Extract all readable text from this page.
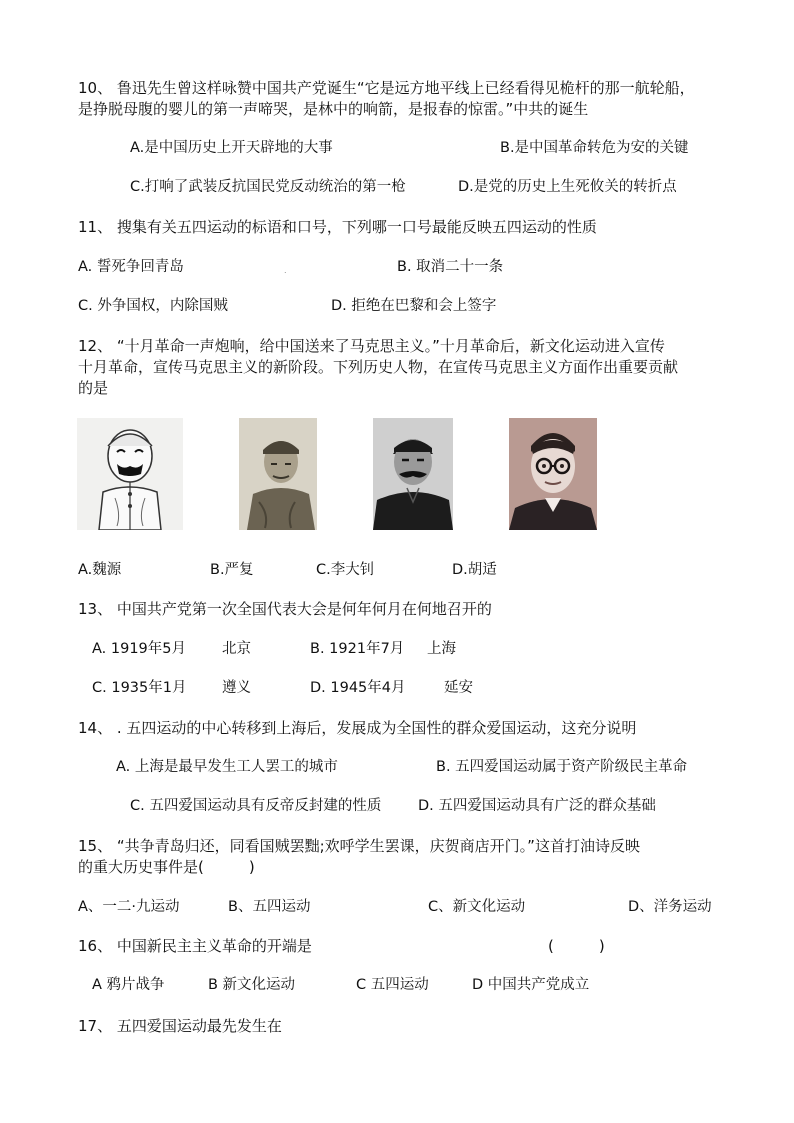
10、 鲁迅先生曾这样咏赞中国共产党诞生“它是远方地平线上已经看得见桅杆的那一航轮船，
是挣脱母腹的婴儿的第一声啼哭，是林中的响箭，是报春的惊雷。”中共的诞生
A.是中国历史上开天辟地的大事	B.是中国革命转危为安的关键
C.打响了武装反抗国民党反动统治的第一枪	D.是党的历史上生死攸关的转折点
11、 搜集有关五四运动的标语和口号，下列哪一口号最能反映五四运动的性质
A. 誓死争回青岛	.	B. 取消二十一条
C. 外争国权，内除国贼	D. 拒绝在巴黎和会上签字
12、 “十月革命一声炮响，给中国送来了马克思主义。”十月革命后，新文化运动进入宣传
十月革命，宣传马克思主义的新阶段。下列历史人物，在宣传马克思主义方面作出重要贡献
的是
A.魏源	B.严复	C.李大钊	D.胡适
13、 中国共产党第一次全国代表大会是何年何月在何地召开的
A. 1919年5月 北京	B. 1921年7月 上海
C. 1935年1月 遵义	D. 1945年4月	延安
14、 . 五四运动的中心转移到上海后，发展成为全国性的群众爱国运动，这充分说明
A. 上海是最早发生工人罢工的城市	B. 五四爱国运动属于资产阶级民主革命
C. 五四爱国运动具有反帝反封建的性质	D. 五四爱国运动具有广泛的群众基础
15、 “共争青岛归还，同看国贼罢黜;欢呼学生罢课，庆贺商店开门。”这首打油诗反映
的重大历史事件是(　　　)
A、一二·九运动	B、五四运动	C、新文化运动	D、洋务运动
16、 中国新民主主义革命的开端是	(　　　)
A 鸦片战争	B 新文化运动	C 五四运动	D 中国共产党成立
17、 五四爱国运动最先发生在
